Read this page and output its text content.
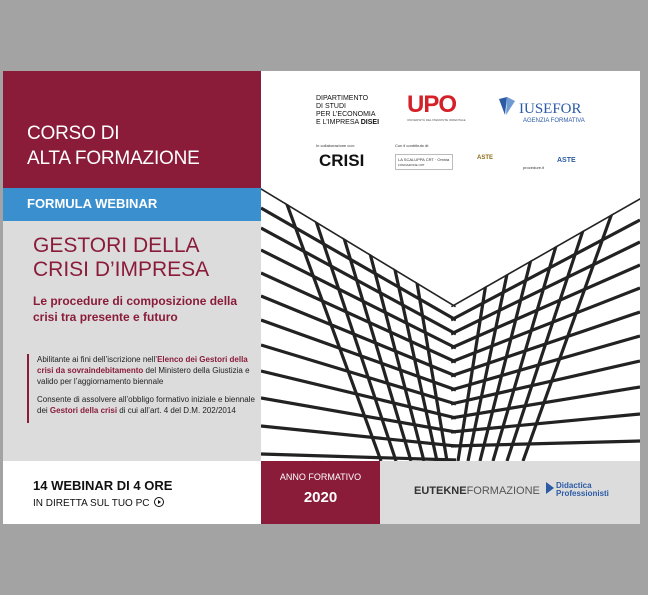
CORSO DI
ALTA FORMAZIONE
FORMULA WEBINAR
GESTORI DELLA
CRISI D’IMPRESA
Le procedure di composizione della crisi tra presente e futuro

Abilitante ai fini dell’iscrizione nell’Elenco dei Gestori della crisi da sovraindebitamento del Ministero della Giustizia e valido per l’aggiornamento biennale

Consente di assolvere all’obbligo formativo iniziale e biennale dei Gestori della crisi di cui all’art. 4 del D.M. 202/2014

14 WEBINAR DI 4 ORE
IN DIRETTA SUL TUO PC
DIPARTIMENTO
DI STUDI
PER L’ECONOMIA
E L’IMPRESA DISEI
UPO
UNIVERSITÀ DEL PIEMONTE ORIENTALE
IUSEFOR
AGENZIA FORMATIVA
In collaborazione con:
CRISI
Con il contributo di:
LA SCALUPPA CRT · Omnia
FONDAZIONE CRT
ASTE
procedure.it
ASTE
ANNO FORMATIVO
2020	EUTEKNEFORMAZIONE Didactica
Professionisti
